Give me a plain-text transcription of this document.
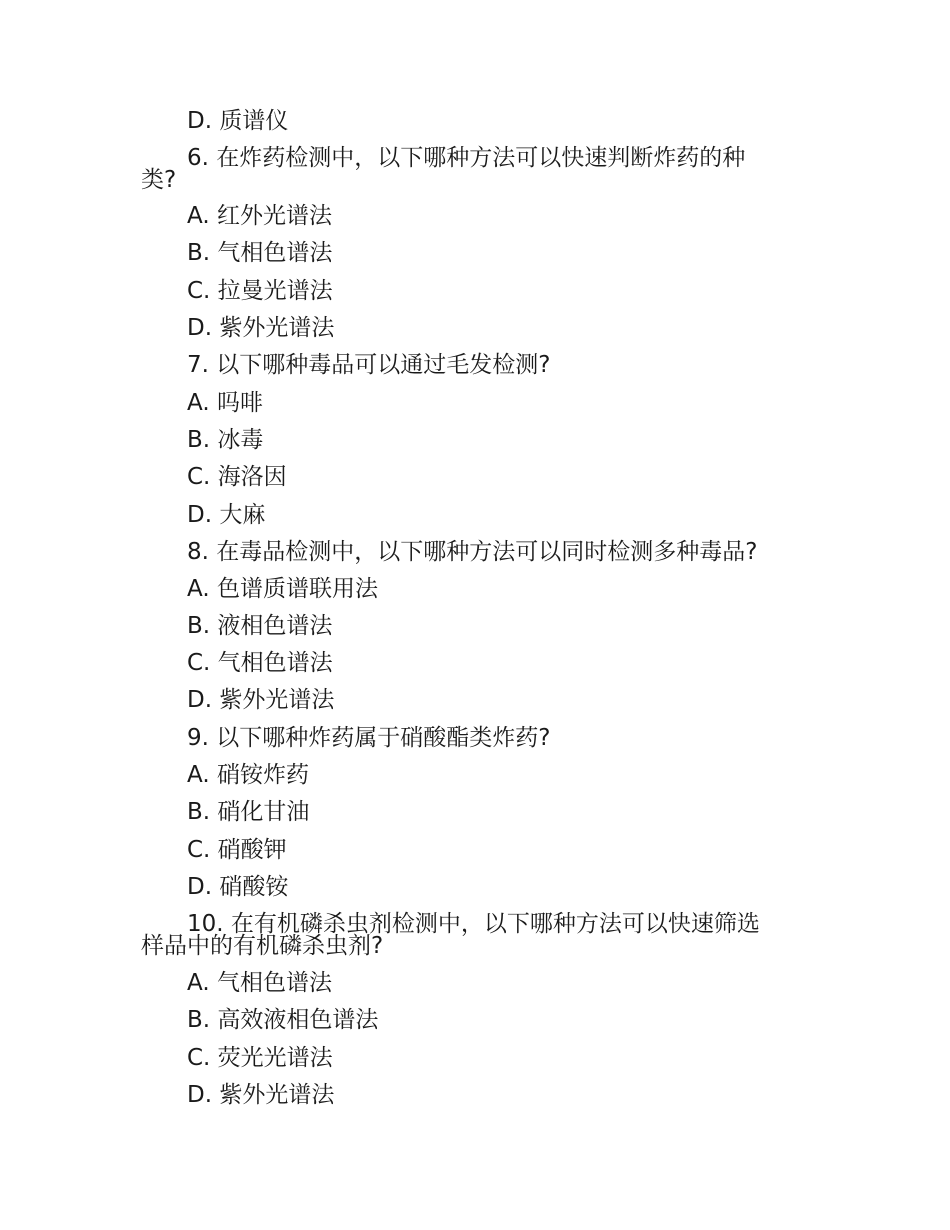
D. 质谱仪
6. 在炸药检测中，以下哪种方法可以快速判断炸药的种
类?
A. 红外光谱法
B. 气相色谱法
C. 拉曼光谱法
D. 紫外光谱法
7. 以下哪种毒品可以通过毛发检测?
A. 吗啡
B. 冰毒
C. 海洛因
D. 大麻
8. 在毒品检测中，以下哪种方法可以同时检测多种毒品?
A. 色谱质谱联用法
B. 液相色谱法
C. 气相色谱法
D. 紫外光谱法
9. 以下哪种炸药属于硝酸酯类炸药?
A. 硝铵炸药
B. 硝化甘油
C. 硝酸钾
D. 硝酸铵
10. 在有机磷杀虫剂检测中，以下哪种方法可以快速筛选
样品中的有机磷杀虫剂?
A. 气相色谱法
B. 高效液相色谱法
C. 荧光光谱法
D. 紫外光谱法
